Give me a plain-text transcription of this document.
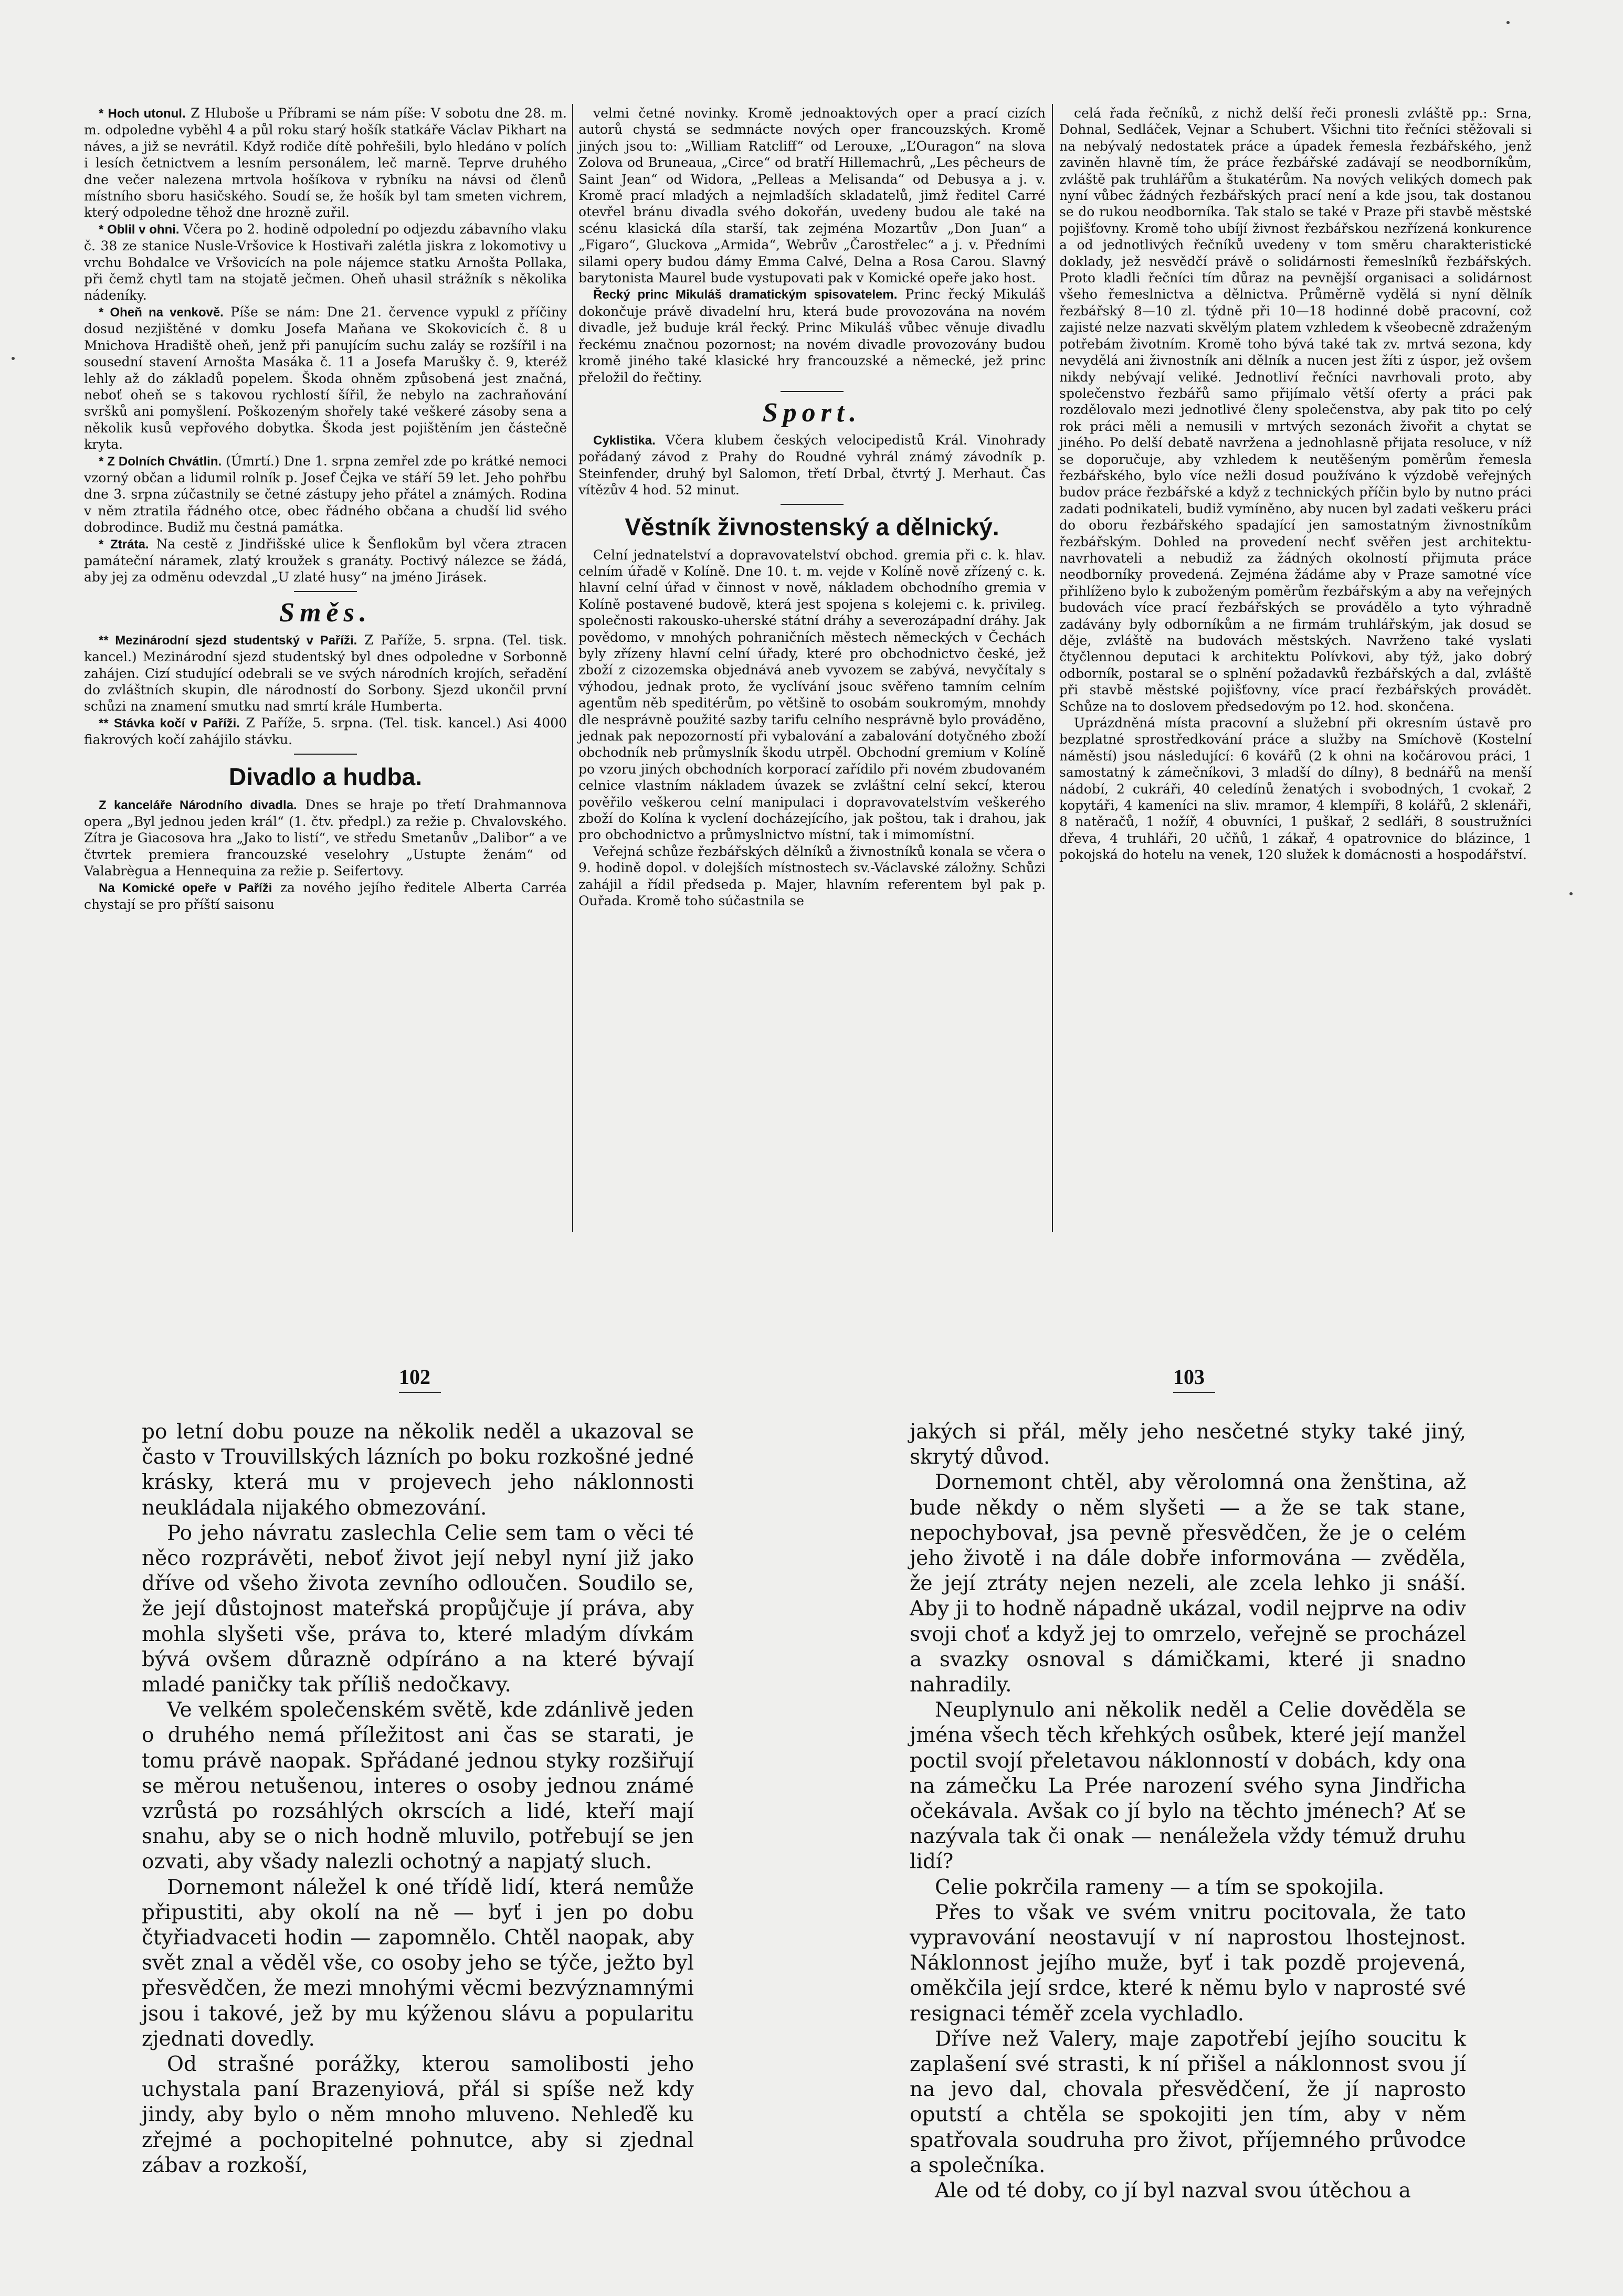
* Hoch utonul. Z Hluboše u Příbrami se nám píše: V sobotu dne 28. m. m. odpoledne vyběhl 4 a půl roku starý hošík statkáře Václav Pikhart na náves, a již se nevrátil. Když rodiče dítě pohřešili, bylo hledáno v polích i lesích četnictvem a lesním personálem, leč marně. Teprve druhého dne večer nalezena mrtvola hošíkova v rybníku na návsi od členů místního sboru hasičského. Soudí se, že hošík byl tam smeten vichrem, který odpoledne těhož dne hrozně zuřil.

* Oblil v ohni. Včera po 2. hodině odpolední po odjezdu zábavního vlaku č. 38 ze stanice Nusle-Vršovice k Hostivaři zalétla jiskra z lokomotivy u vrchu Bohdalce ve Vršovicích na pole nájemce statku Arnošta Pollaka, při čemž chytl tam na stojatě ječmen. Oheň uhasil strážník s několika nádeníky.

* Oheň na venkově. Píše se nám: Dne 21. července vypukl z příčiny dosud nezjištěné v domku Josefa Maňana ve Skokovicích č. 8 u Mnichova Hradiště oheň, jenž při panujícím suchu zaláy se rozšířil i na sousední stavení Arnošta Masáka č. 11 a Josefa Marušky č. 9, kteréž lehly až do základů popelem. Škoda ohněm způsobená jest značná, neboť oheň se s takovou rychlostí šířil, že nebylo na zachraňování svršků ani pomyšlení. Poškozeným shořely také veškeré zásoby sena a několik kusů vepřového dobytka. Škoda jest pojištěním jen částečně kryta.

* Z Dolních Chvátlin. (Úmrtí.) Dne 1. srpna zemřel zde po krátké nemoci vzorný občan a lidumil rolník p. Josef Čejka ve stáří 59 let. Jeho pohřbu dne 3. srpna zúčastnily se četné zástupy jeho přátel a známých. Rodina v něm ztratila řádného otce, obec řádného občana a chudší lid svého dobrodince. Budiž mu čestná památka.

* Ztráta. Na cestě z Jindřišské ulice k Šenflokům byl včera ztracen památeční náramek, zlatý kroužek s granáty. Poctivý nálezce se žádá, aby jej za odměnu odevzdal „U zlaté husy“ na jméno Jirásek.

Směs.

** Mezinárodní sjezd studentský v Paříži. Z Paříže, 5. srpna. (Tel. tisk. kancel.) Mezinárodní sjezd studentský byl dnes odpoledne v Sorbonně zahájen. Cizí studující odebrali se ve svých národních krojích, seřadění do zvláštních skupin, dle národností do Sorbony. Sjezd ukončil první schůzi na znamení smutku nad smrtí krále Humberta.

** Stávka kočí v Paříži. Z Paříže, 5. srpna. (Tel. tisk. kancel.) Asi 4000 fiakrových kočí zahájilo stávku.

Divadlo a hudba.

Z kanceláře Národního divadla. Dnes se hraje po třetí Drahmannova opera „Byl jednou jeden král“ (1. čtv. předpl.) za režie p. Chvalovského. Zítra je Giacosova hra „Jako to listí“, ve středu Smetanův „Dalibor“ a ve čtvrtek premiera francouzské veselohry „Ustupte ženám“ od Valabrègua a Hennequina za režie p. Seifertovy.

Na Komické opeře v Paříži za nového jejího ředitele Alberta Carréa chystají se pro příští saisonu

velmi četné novinky. Kromě jednoaktových oper a prací cizích autorů chystá se sedmnácte nových oper francouzských. Kromě jiných jsou to: „William Ratcliff“ od Lerouxe, „L’Ouragon“ na slova Zolova od Bruneaua, „Circe“ od bratří Hillemachrů, „Les pêcheurs de Saint Jean“ od Widora, „Pelleas a Melisanda“ od Debusya a j. v. Kromě prací mladých a nejmladších skladatelů, jimž ředitel Carré otevřel bránu divadla svého dokořán, uvedeny budou ale také na scénu klasická díla starší, tak zejména Mozartův „Don Juan“ a „Figaro“, Gluckova „Armida“, Webrův „Čarostřelec“ a j. v. Předními silami opery budou dámy Emma Calvé, Delna a Rosa Carou. Slavný barytonista Maurel bude vystupovati pak v Komické opeře jako host.

Řecký princ Mikuláš dramatickým spisovatelem. Princ řecký Mikuláš dokončuje právě divadelní hru, která bude provozována na novém divadle, jež buduje král řecký. Princ Mikuláš vůbec věnuje divadlu řeckému značnou pozornost; na novém divadle provozovány budou kromě jiného také klasické hry francouzské a německé, jež princ přeložil do řečtiny.

Sport.

Cyklistika. Včera klubem českých velocipedistů Král. Vinohrady pořádaný závod z Prahy do Roudné vyhrál známý závodník p. Steinfender, druhý byl Salomon, třetí Drbal, čtvrtý J. Merhaut. Čas vítězův 4 hod. 52 minut.

Věstník živnostenský a dělnický.

Celní jednatelství a dopravovatelství obchod. gremia při c. k. hlav. celním úřadě v Kolíně. Dne 10. t. m. vejde v Kolíně nově zřízený c. k. hlavní celní úřad v činnost v nově, nákladem obchodního gremia v Kolíně postavené budově, která jest spojena s kolejemi c. k. privileg. společnosti rakousko-uherské státní dráhy a severozápadní dráhy. Jak povědomo, v mnohých pohraničních městech německých v Čechách byly zřízeny hlavní celní úřady, které pro obchodnictvo české, jež zboží z cizozemska objednává aneb vyvozem se zabývá, nevyčítaly s výhodou, jednak proto, že vyclívání jsouc svěřeno tamním celním agentům něb speditérům, po většině to osobám soukromým, mnohdy dle nesprávně použité sazby tarifu celního nesprávně bylo prováděno, jednak pak nepozorností při vybalování a zabalování dotyčného zboží obchodník neb průmyslník škodu utrpěl. Obchodní gremium v Kolíně po vzoru jiných obchodních korporací zařídilo při novém zbudovaném celnice vlastním nákladem úvazek se zvláštní celní sekcí, kterou pověřilo veškerou celní manipulaci i dopravovatelstvím veškerého zboží do Kolína k vyclení docházejícího, jak poštou, tak i drahou, jak pro obchodnictvo a průmyslnictvo místní, tak i mimomístní.

Veřejná schůze řezbářských dělníků a živnostníků konala se včera o 9. hodině dopol. v dolejších místnostech sv.-Václavské záložny. Schůzi zahájil a řídil předseda p. Majer, hlavním referentem byl pak p. Ouřada. Kromě toho súčastnila se

celá řada řečníků, z nichž delší řeči pronesli zvláště pp.: Srna, Dohnal, Sedláček, Vejnar a Schubert. Všichni tito řečníci stěžovali si na nebývalý nedostatek práce a úpadek řemesla řezbářského, jenž zaviněn hlavně tím, že práce řezbářské zadávají se neodborníkům, zvláště pak truhlářům a štukatérům. Na nových velikých domech pak nyní vůbec žádných řezbářských prací není a kde jsou, tak dostanou se do rukou neodborníka. Tak stalo se také v Praze při stavbě městské pojišťovny. Kromě toho ubíjí živnost řezbářskou nezřízená konkurence a od jednotlivých řečníků uvedeny v tom směru charakteristické doklady, jež nesvědčí právě o solidárnosti řemeslníků řezbářských. Proto kladli řečníci tím důraz na pevnější organisaci a solidárnost všeho řemeslnictva a dělnictva. Průměrně vydělá si nyní dělník řezbářský 8—10 zl. týdně při 10—18 hodinné době pracovní, což zajisté nelze nazvati skvělým platem vzhledem k všeobecně zdraženým potřebám životním. Kromě toho bývá také tak zv. mrtvá sezona, kdy nevydělá ani živnostník ani dělník a nucen jest žíti z úspor, jež ovšem nikdy nebývají veliké. Jednotliví řečníci navrhovali proto, aby společenstvo řezbářů samo přijímalo větší oferty a práci pak rozdělovalo mezi jednotlivé členy společenstva, aby pak tito po celý rok práci měli a nemusili v mrtvých sezonách živořit a chytat se jiného. Po delší debatě navržena a jednohlasně přijata resoluce, v níž se doporučuje, aby vzhledem k neutěšeným poměrům řemesla řezbářského, bylo více nežli dosud používáno k výzdobě veřejných budov práce řezbářské a když z technických příčin bylo by nutno práci zadati podnikateli, budiž vymíněno, aby nucen byl zadati veškeru práci do oboru řezbářského spadající jen samostatným živnostníkům řezbářským. Dohled na provedení nechť svěřen jest architektu-navrhovateli a nebudiž za žádných okolností přijmuta práce neodborníky provedená. Zejména žádáme aby v Praze samotné více přihlíženo bylo k zuboženým poměrům řezbářským a aby na veřejných budovách více prací řezbářských se provádělo a tyto výhradně zadávány byly odborníkům a ne firmám truhlářským, jak dosud se děje, zvláště na budovách městských. Navrženo také vyslati čtyčlennou deputaci k architektu Polívkovi, aby týž, jako dobrý odborník, postaral se o splnění požadavků řezbářských a dal, zvláště při stavbě městské pojišťovny, více prací řezbářských provádět. Schůze na to doslovem předsedovým po 12. hod. skončena.

Uprázdněná místa pracovní a služební při okresním ústavě pro bezplatné sprostředkování práce a služby na Smíchově (Kostelní náměstí) jsou následující: 6 kovářů (2 k ohni na kočárovou práci, 1 samostatný k zámečníkovi, 3 mladší do dílny), 8 bednářů na menší nádobí, 2 cukráři, 40 celedínů ženatých i svobodných, 1 cvokař, 2 kopytáři, 4 kameníci na sliv. mramor, 4 klempíři, 8 kolářů, 2 sklenáři, 8 natěračů, 1 nožíř, 4 obuvníci, 1 puškař, 2 sedláři, 8 soustružníci dřeva, 4 truhláři, 20 učňů, 1 zákař, 4 opatrovnice do blázince, 1 pokojská do hotelu na venek, 120 služek k domácnosti a hospodářství.

102	103

po letní dobu pouze na několik neděl a ukazoval se často v Trouvillských lázních po boku rozkošné jedné krásky, která mu v projevech jeho náklonnosti neukládala nijakého obmezování.

Po jeho návratu zaslechla Celie sem tam o věci té něco rozprávěti, neboť život její nebyl nyní již jako dříve od všeho života zevního odloučen. Soudilo se, že její důstojnost mateřská propůjčuje jí práva, aby mohla slyšeti vše, práva to, které mladým dívkám bývá ovšem důrazně odpíráno a na které bývají mladé paničky tak příliš nedočkavy.

Ve velkém společenském světě, kde zdánlivě jeden o druhého nemá příležitost ani čas se starati, je tomu právě naopak. Spřádané jednou styky rozšiřují se měrou netušenou, interes o osoby jednou známé vzrůstá po rozsáhlých okrscích a lidé, kteří mají snahu, aby se o nich hodně mluvilo, potřebují se jen ozvati, aby všady nalezli ochotný a napjatý sluch.

Dornemont náležel k oné třídě lidí, která nemůže připustiti, aby okolí na ně — byť i jen po dobu čtyřiadvaceti hodin — zapomnělo. Chtěl naopak, aby svět znal a věděl vše, co osoby jeho se týče, ježto byl přesvědčen, že mezi mnohými věcmi bezvýznamnými jsou i takové, jež by mu kýženou slávu a popularitu zjednati dovedly.

Od strašné porážky, kterou samolibosti jeho uchystala paní Brazenyiová, přál si spíše než kdy jindy, aby bylo o něm mnoho mluveno. Nehleďě ku zřejmé a pochopitelné pohnutce, aby si zjednal zábav a rozkoší,

jakých si přál, měly jeho nesčetné styky také jiný, skrytý důvod.

Dornemont chtěl, aby věrolomná ona ženština, až bude někdy o něm slyšeti — a že se tak stane, nepochybovał, jsa pevně přesvědčen, že je o celém jeho životě i na dále dobře informována — zvěděla, že její ztráty nejen nezeli, ale zcela lehko ji snáší. Aby ji to hodně nápadně ukázal, vodil nejprve na odiv svoji choť a když jej to omrzelo, veřejně se procházel a svazky osnoval s dámičkami, které ji snadno nahradily.

Neuplynulo ani několik neděl a Celie dověděla se jména všech těch křehkých osůbek, které její manžel poctil svojí přeletavou náklonností v dobách, kdy ona na zámečku La Prée narození svého syna Jindřicha očekávala. Avšak co jí bylo na těchto jménech? Ať se nazývala tak či onak — nenáležela vždy témuž druhu lidí?

Celie pokrčila rameny — a tím se spokojila.

Přes to však ve svém vnitru pocitovala, že tato vypravování neostavují v ní naprostou lhostejnost. Náklonnost jejího muže, byť i tak pozdě projevená, oměkčila její srdce, které k němu bylo v naprosté své resignaci téměř zcela vychladlo.

Dříve než Valery, maje zapotřebí jejího soucitu k zaplašení své strasti, k ní přišel a náklonnost svou jí na jevo dal, chovala přesvědčení, že jí naprosto oputstí a chtěla se spokojiti jen tím, aby v něm spatřovala soudruha pro život, příjemného průvodce a společníka.

Ale od té doby, co jí byl nazval svou útěchou a
